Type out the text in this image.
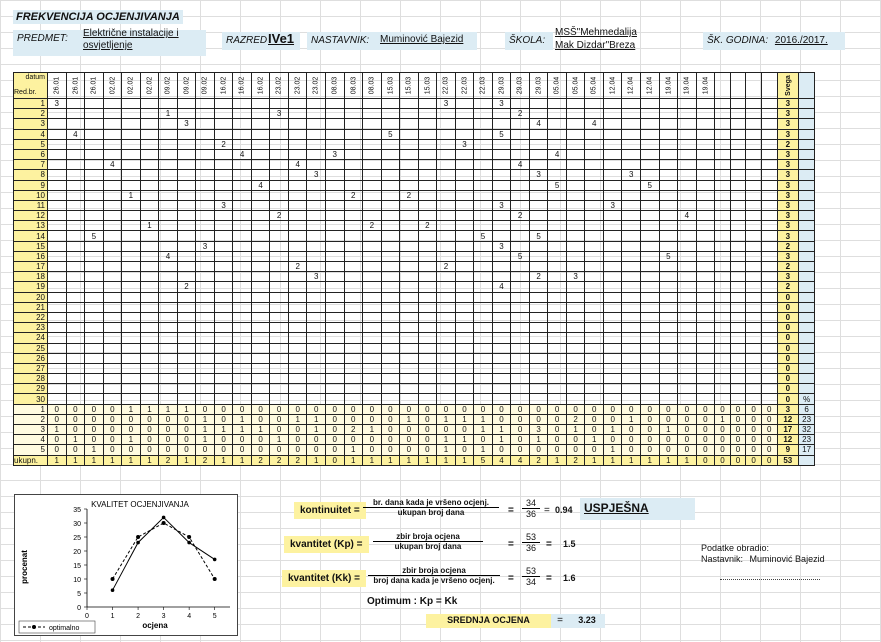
FREKVENCIJA OCJENJIVANJA
PREDMET:	Električne instalacije i
osvjetljenje	RAZRED IVe1	NASTAVNIK:	Muminović Bajezid	ŠKOLA:
MSŠ"Mehmedalija
Mak Dizdar"Breza	ŠK. GODINA: 2016./2017.
datum
Red.br.	26.01	26.01	26.01	02.02	02.02	02.02	09.02	09.02	09.02	16.02	16.02	16.02	23.02	23.02	23.02	08.03	08.03	08.03	15.03	15.03	15.03	22.03	22.03	22.03	29.03	29.03	29.03	05.04	05.04	05.04	12.04	12.04	12.04	19.04	19.04	19.04					Svega	
1	3																					3			3																3	
2							1						3													2															3	
3								3																			4			4											3	
4		4																	5						5																3	
5										2													3																		2	
6											4					3												4													3	
7				4										4												4															3	
8															3												3					3									3	
9												4																5					5								3	
10					1												2			2																					3	
11										3															3						3										3	
12													2													2									4						3	
13						1												2			2																				3	
14			5																					5			5														3	
15									3																3																2	
16							4																			5								5							3	
17														2								2																			2	
18															3												2		3												3	
19								2																	4																2	
20																																									0	
21																																									0	
22																																									0	
23																																									0	
24																																									0	
25																																									0	
26																																									0	
27																																									0	
28																																									0	
29																																									0	
30																																									0	%
1	0	0	0	0	1	1	1	1	0	0	0	0	0	0	0	0	0	0	0	0	0	0	0	0	0	0	0	0	0	0	0	0	0	0	0	0	0	0	0	0	3	6
2	0	0	0	0	0	0	0	0	1	0	1	0	0	1	1	0	0	0	0	1	0	1	1	1	0	0	0	0	2	0	0	1	0	0	0	0	1	0	0	0	12	23
3	1	0	0	0	0	0	0	0	1	1	1	1	0	0	1	0	2	1	0	0	0	0	0	1	1	0	3	0	1	0	1	0	0	1	0	0	0	0	0	0	17	32
4	0	1	0	0	1	0	0	0	1	0	0	0	1	0	0	0	0	0	0	0	0	1	1	0	1	0	1	0	0	1	0	0	0	0	0	0	0	0	0	0	12	23
5	0	0	1	0	0	0	0	0	0	0	0	0	0	0	0	0	1	0	0	0	0	1	0	1	0	0	0	0	0	0	1	0	0	0	0	0	0	0	0	0	9	17
ukupn.	1	1	1	1	1	1	2	1	2	1	1	2	2	2	1	0	1	1	1	1	1	1	1	5	4	4	2	1	2	1	1	1	1	1	1	0	0	0	0	0	53	
KVALITET OCJENJIVANJA
procenat
ocjena
0
5
10
15
20
25
30
35
0	1	2	3	4	5
optimalno
kontinuitet =
br. dana kada je vršeno ocjenj.
ukupan broj dana	= $\frac{34}{36} = 0.94$ USPJEŠNA
kvantitet (Kp) =
zbir broja ocjena
ukupan broj dana	= $\frac{53}{36} = 1.5$
kvantitet (Kk) =
zbir broja ocjena
broj dana kada je vršeno ocjenj.	= $\frac{53}{34} = 1.6$
Optimum : Kp = Kk
SREDNJA OCJENA	=	3.23
Podatke obradio:
Nastavnik: Muminović Bajezid
